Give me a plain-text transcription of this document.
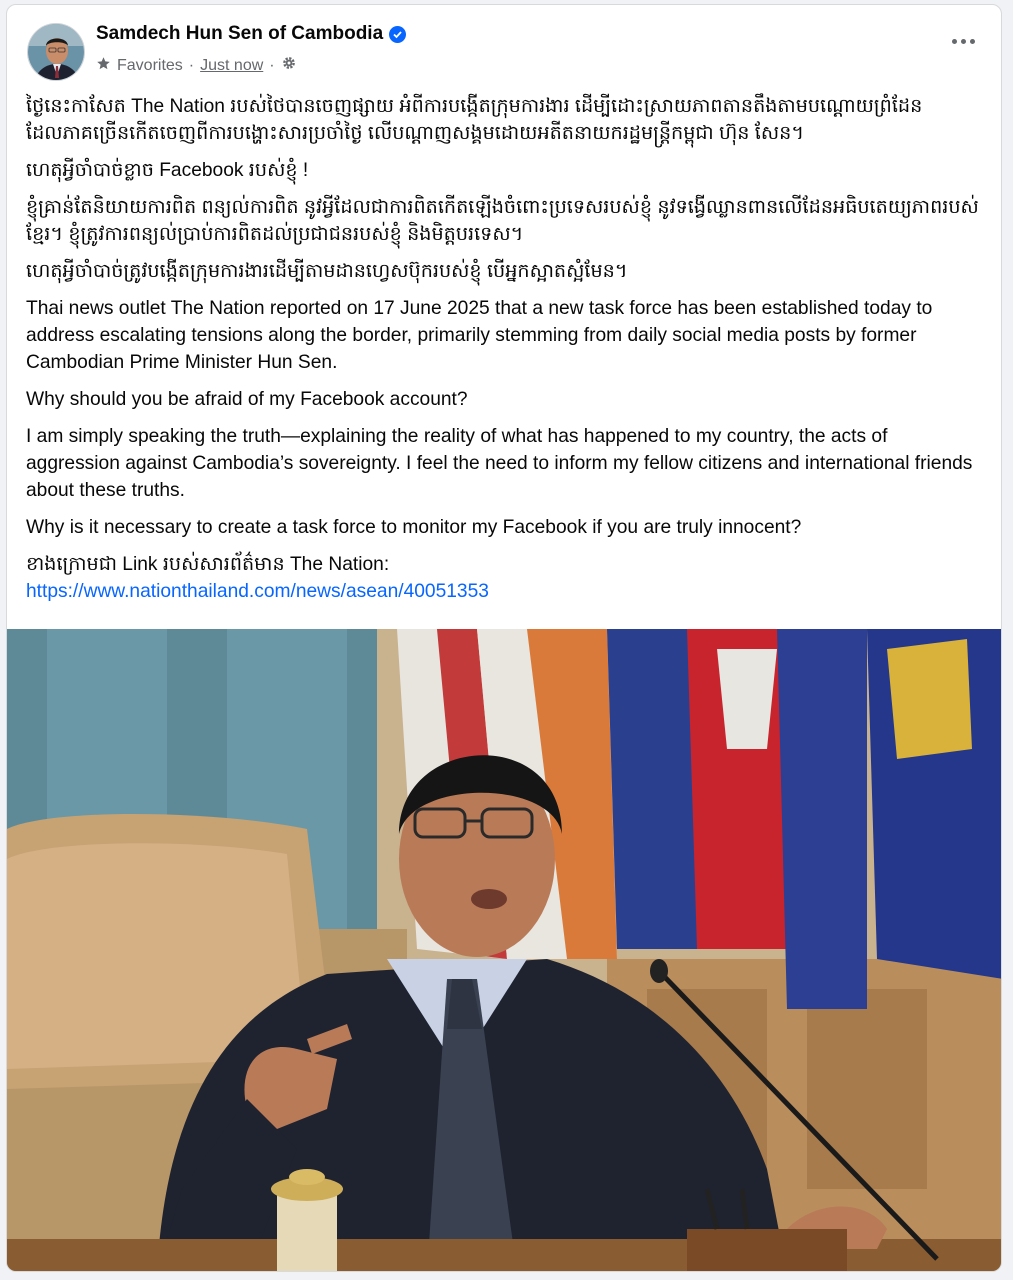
Samdech Hun Sen of Cambodia
Favorites · Just now ·

ថ្ងៃនេះកាសែត The Nation របស់ថៃបានចេញផ្សាយ អំពីការបង្កើតក្រុមការងារ ដើម្បីដោះស្រាយភាពតានតឹងតាមបណ្តោយព្រំដែន ដែលភាគច្រើនកើតចេញពីការបង្ហោះសារប្រចាំថ្ងៃ លើបណ្តាញសង្គមដោយអតីតនាយករដ្ឋមន្ត្រីកម្ពុជា ហ៊ុន សែន។

ហេតុអ្វីចាំបាច់ខ្លាច Facebook របស់ខ្ញុំ !

ខ្ញុំគ្រាន់តែនិយាយការពិត ពន្យល់ការពិត នូវអ្វីដែលជាការពិតកើតឡើងចំពោះប្រទេសរបស់ខ្ញុំ នូវទង្វើឈ្លានពានលើដែនអធិបតេយ្យភាពរបស់ខ្មែរ។ ខ្ញុំត្រូវការពន្យល់ប្រាប់ការពិតដល់ប្រជាជនរបស់ខ្ញុំ និងមិត្តបរទេស។

ហេតុអ្វីចាំបាច់ត្រូវបង្កើតក្រុមការងារដើម្បីតាមដានហ្វេសប៊ុករបស់ខ្ញុំ បើអ្នកស្អាតស្អំមែន។

Thai news outlet The Nation reported on 17 June 2025 that a new task force has been established today to address escalating tensions along the border, primarily stemming from daily social media posts by former Cambodian Prime Minister Hun Sen.

Why should you be afraid of my Facebook account?

I am simply speaking the truth—explaining the reality of what has happened to my country, the acts of aggression against Cambodia’s sovereignty. I feel the need to inform my fellow citizens and international friends about these truths.

Why is it necessary to create a task force to monitor my Facebook if you are truly innocent?

ខាងក្រោមជា Link របស់សារព័ត៌មាន The Nation:

https://www.nationthailand.com/news/asean/40051353
